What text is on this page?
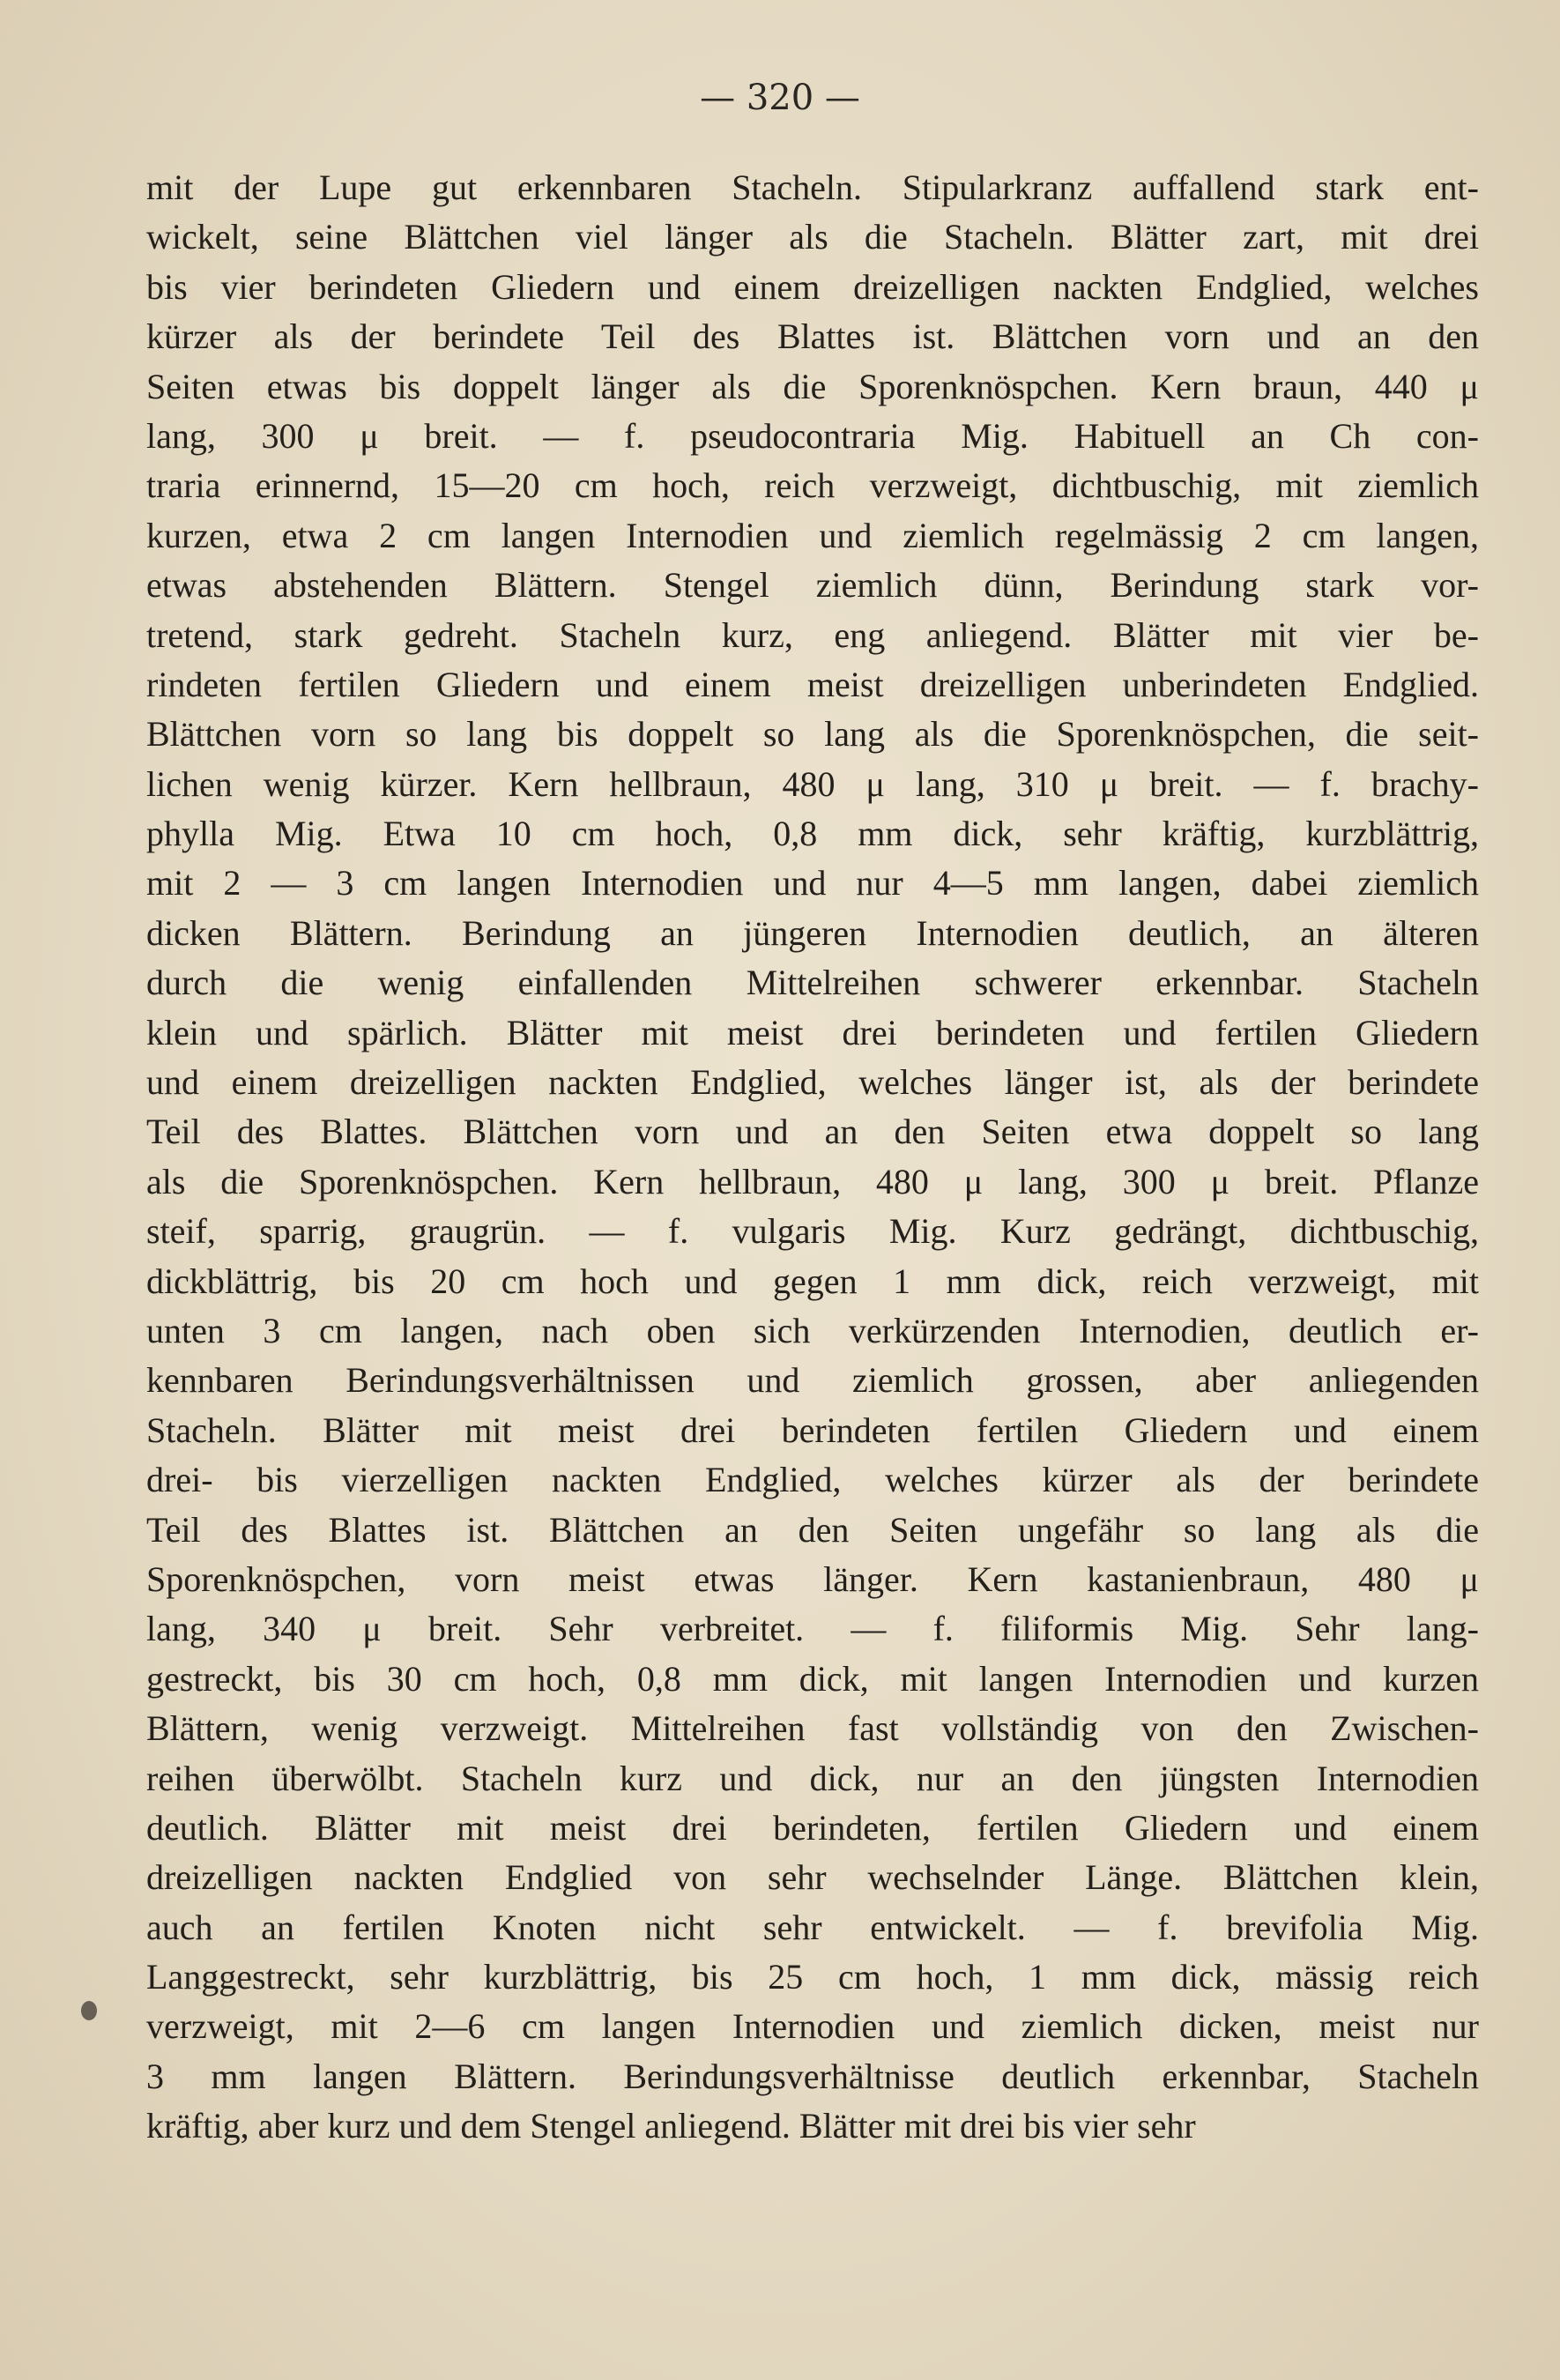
— 320 —
mit der Lupe gut erkennbaren Stacheln. Stipularkranz auffallend stark ent-
wickelt, seine Blättchen viel länger als die Stacheln. Blätter zart, mit drei
bis vier berindeten Gliedern und einem dreizelligen nackten Endglied, welches
kürzer als der berindete Teil des Blattes ist. Blättchen vorn und an den
Seiten etwas bis doppelt länger als die Sporenknöspchen. Kern braun, 440 μ
lang, 300 μ breit. — f. pseudocontraria Mig. Habituell an Ch con-
traria erinnernd, 15—20 cm hoch, reich verzweigt, dichtbuschig, mit ziemlich
kurzen, etwa 2 cm langen Internodien und ziemlich regelmässig 2 cm langen,
etwas abstehenden Blättern. Stengel ziemlich dünn, Berindung stark vor-
tretend, stark gedreht. Stacheln kurz, eng anliegend. Blätter mit vier be-
rindeten fertilen Gliedern und einem meist dreizelligen unberindeten Endglied.
Blättchen vorn so lang bis doppelt so lang als die Sporenknöspchen, die seit-
lichen wenig kürzer. Kern hellbraun, 480 μ lang, 310 μ breit. — f. brachy-
phylla Mig. Etwa 10 cm hoch, 0,8 mm dick, sehr kräftig, kurzblättrig,
mit 2 — 3 cm langen Internodien und nur 4—5 mm langen, dabei ziemlich
dicken Blättern. Berindung an jüngeren Internodien deutlich, an älteren
durch die wenig einfallenden Mittelreihen schwerer erkennbar. Stacheln
klein und spärlich. Blätter mit meist drei berindeten und fertilen Gliedern
und einem dreizelligen nackten Endglied, welches länger ist, als der berindete
Teil des Blattes. Blättchen vorn und an den Seiten etwa doppelt so lang
als die Sporenknöspchen. Kern hellbraun, 480 μ lang, 300 μ breit. Pflanze
steif, sparrig, graugrün. — f. vulgaris Mig. Kurz gedrängt, dichtbuschig,
dickblättrig, bis 20 cm hoch und gegen 1 mm dick, reich verzweigt, mit
unten 3 cm langen, nach oben sich verkürzenden Internodien, deutlich er-
kennbaren Berindungsverhältnissen und ziemlich grossen, aber anliegenden
Stacheln. Blätter mit meist drei berindeten fertilen Gliedern und einem
drei- bis vierzelligen nackten Endglied, welches kürzer als der berindete
Teil des Blattes ist. Blättchen an den Seiten ungefähr so lang als die
Sporenknöspchen, vorn meist etwas länger. Kern kastanienbraun, 480 μ
lang, 340 μ breit. Sehr verbreitet. — f. filiformis Mig. Sehr lang-
gestreckt, bis 30 cm hoch, 0,8 mm dick, mit langen Internodien und kurzen
Blättern, wenig verzweigt. Mittelreihen fast vollständig von den Zwischen-
reihen überwölbt. Stacheln kurz und dick, nur an den jüngsten Internodien
deutlich. Blätter mit meist drei berindeten, fertilen Gliedern und einem
dreizelligen nackten Endglied von sehr wechselnder Länge. Blättchen klein,
auch an fertilen Knoten nicht sehr entwickelt. — f. brevifolia Mig.
Langgestreckt, sehr kurzblättrig, bis 25 cm hoch, 1 mm dick, mässig reich
verzweigt, mit 2—6 cm langen Internodien und ziemlich dicken, meist nur
3 mm langen Blättern. Berindungsverhältnisse deutlich erkennbar, Stacheln
kräftig, aber kurz und dem Stengel anliegend. Blätter mit drei bis vier sehr
